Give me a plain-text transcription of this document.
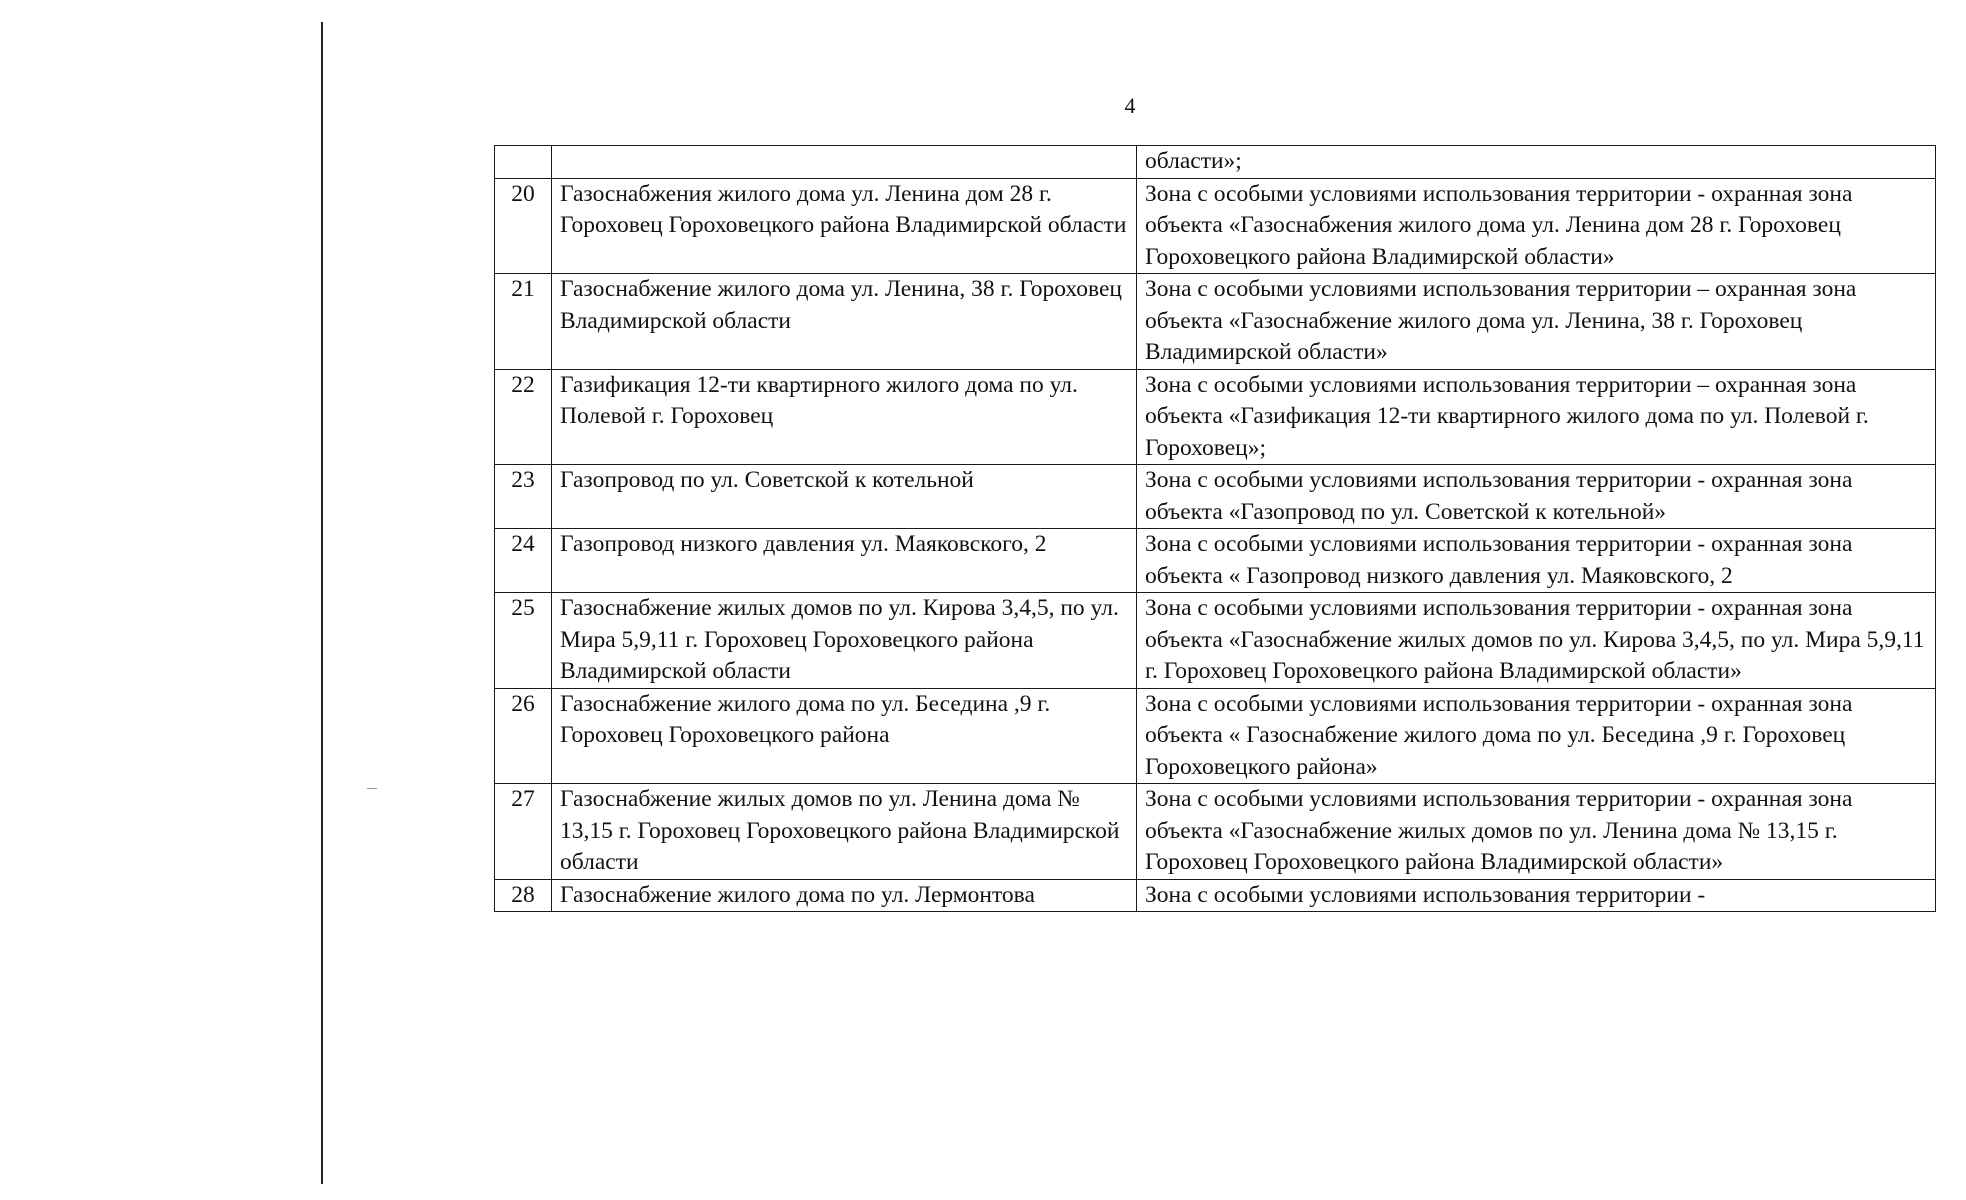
4
		области»;
20	Газоснабжения жилого дома ул. Ленина дом 28 г. Гороховец Гороховецкого района Владимирской области	Зона с особыми условиями использования территории - охранная зона объекта «Газоснабжения жилого дома ул. Ленина дом 28 г. Гороховец Гороховецкого района Владимирской области»
21	Газоснабжение жилого дома ул. Ленина, 38 г. Гороховец Владимирской области	Зона с особыми условиями использования территории – охранная зона объекта «Газоснабжение жилого дома ул. Ленина, 38 г. Гороховец Владимирской области»
22	Газификация 12-ти квартирного жилого дома по ул. Полевой г. Гороховец	Зона с особыми условиями использования территории – охранная зона объекта «Газификация 12-ти квартирного жилого дома по ул. Полевой г. Гороховец»;
23	Газопровод по ул. Советской к котельной	Зона с особыми условиями использования территории - охранная зона объекта «Газопровод по ул. Советской к котельной»
24	Газопровод низкого давления ул. Маяковского, 2	Зона с особыми условиями использования территории - охранная зона объекта « Газопровод низкого давления ул. Маяковского, 2
25	Газоснабжение жилых домов по ул. Кирова 3,4,5, по ул. Мира 5,9,11 г. Гороховец Гороховецкого района Владимирской области	Зона с особыми условиями использования территории - охранная зона объекта «Газоснабжение жилых домов по ул. Кирова 3,4,5, по ул. Мира 5,9,11 г. Гороховец Гороховецкого района Владимирской области»
26	Газоснабжение жилого дома по ул. Беседина ,9 г. Гороховец Гороховецкого района	Зона с особыми условиями использования территории - охранная зона объекта « Газоснабжение жилого дома по ул. Беседина ,9 г. Гороховец Гороховецкого района»
27	Газоснабжение жилых домов по ул. Ленина дома № 13,15 г. Гороховец Гороховецкого района Владимирской области	Зона с особыми условиями использования территории - охранная зона объекта «Газоснабжение жилых домов по ул. Ленина дома № 13,15 г. Гороховец Гороховецкого района Владимирской области»
28	Газоснабжение жилого дома по ул. Лермонтова	Зона с особыми условиями использования территории -
